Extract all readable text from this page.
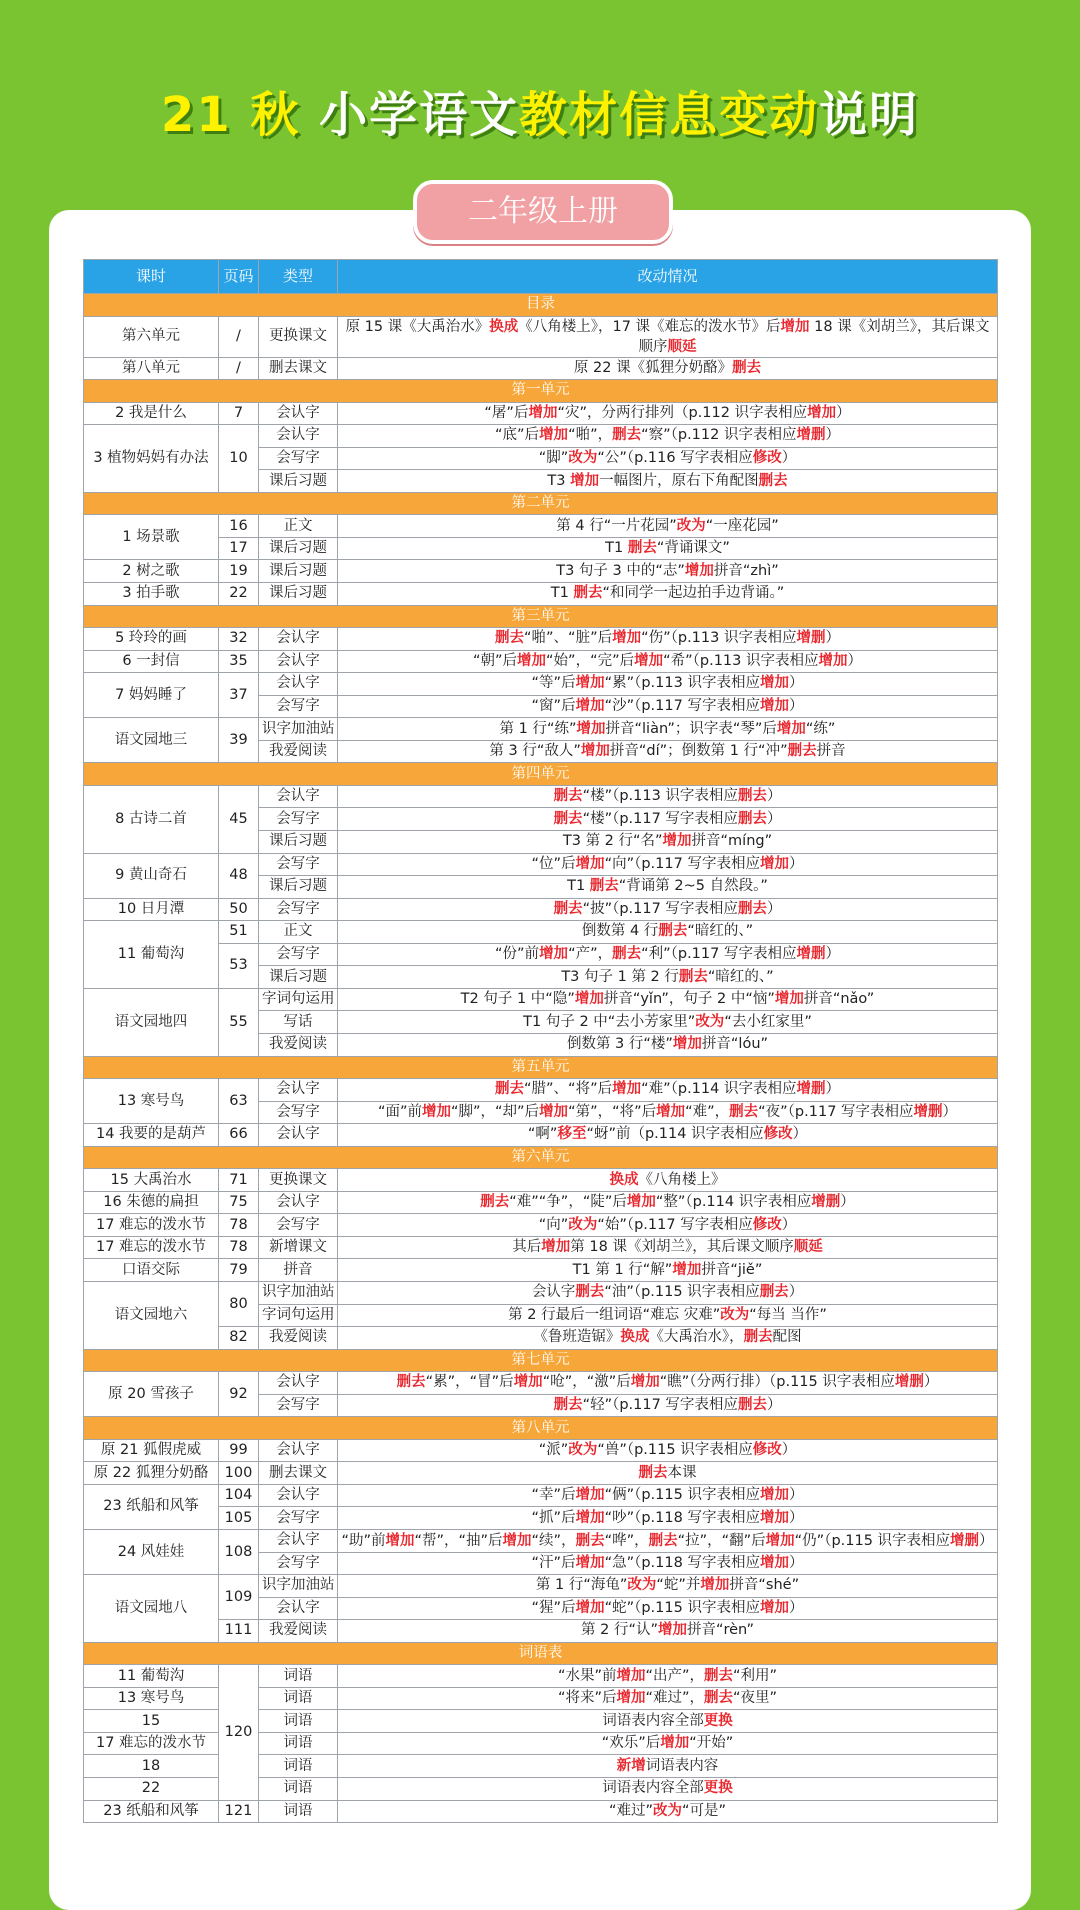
21 秋 小学语文教材信息变动说明
二年级上册
课时	页码	类型	改动情况
目录			
第六单元	/	更换课文	原 15 课《大禹治水》换成《八角楼上》，17 课《难忘的泼水节》后增加 18 课《刘胡兰》，其后课文顺序顺延
第八单元	/	删去课文	原 22 课《狐狸分奶酪》删去
第一单元			
2 我是什么	7	会认字	“屠”后增加“灾”，分两行排列（p.112 识字表相应增加）
3 植物妈妈有办法	10	会认字	“底”后增加“啪”，删去“察”（p.112 识字表相应增删）
		会写字	“脚”改为“公”（p.116 写字表相应修改）
		课后习题	T3 增加一幅图片，原右下角配图删去
第二单元			
1 场景歌	16	正文	第 4 行“一片花园”改为“一座花园”
	17	课后习题	T1 删去“背诵课文”
2 树之歌	19	课后习题	T3 句子 3 中的“志”增加拼音“zhì”
3 拍手歌	22	课后习题	T1 删去“和同学一起边拍手边背诵。”
第三单元			
5 玲玲的画	32	会认字	删去“啪”、“脏”后增加“伤”（p.113 识字表相应增删）
6 一封信	35	会认字	“朝”后增加“始”，“完”后增加“希”（p.113 识字表相应增加）
7 妈妈睡了	37	会认字	“等”后增加“累”（p.113 识字表相应增加）
		会写字	“窗”后增加“沙”（p.117 写字表相应增加）
语文园地三	39	识字加油站	第 1 行“练”增加拼音“liàn”；识字表“琴”后增加“练”
		我爱阅读	第 3 行“敌人”增加拼音“dí”；倒数第 1 行“冲”删去拼音
第四单元			
8 古诗二首	45	会认字	删去“楼”（p.113 识字表相应删去）
		会写字	删去“楼”（p.117 写字表相应删去）
		课后习题	T3 第 2 行“名”增加拼音“míng”
9 黄山奇石	48	会写字	“位”后增加“向”（p.117 写字表相应增加）
		课后习题	T1 删去“背诵第 2~5 自然段。”
10 日月潭	50	会写字	删去“披”（p.117 写字表相应删去）
11 葡萄沟	51	正文	倒数第 4 行删去“暗红的、”
	53	会写字	“份”前增加“产”，删去“利”（p.117 写字表相应增删）
		课后习题	T3 句子 1 第 2 行删去“暗红的、”
语文园地四	55	字词句运用	T2 句子 1 中“隐”增加拼音“yǐn”，句子 2 中“恼”增加拼音“nǎo”
		写话	T1 句子 2 中“去小芳家里”改为“去小红家里”
		我爱阅读	倒数第 3 行“楼”增加拼音“lóu”
第五单元			
13 寒号鸟	63	会认字	删去“腊”、“将”后增加“难”（p.114 识字表相应增删）
		会写字	“面”前增加“脚”，“却”后增加“第”，“将”后增加“难”，删去“夜”（p.117 写字表相应增删）
14 我要的是葫芦	66	会认字	“啊”移至“蚜”前（p.114 识字表相应修改）
第六单元			
15 大禹治水	71	更换课文	换成《八角楼上》
16 朱德的扁担	75	会认字	删去“难”“争”，“陡”后增加“整”（p.114 识字表相应增删）
17 难忘的泼水节	78	会写字	“向”改为“始”（p.117 写字表相应修改）
17 难忘的泼水节	78	新增课文	其后增加第 18 课《刘胡兰》，其后课文顺序顺延
口语交际	79	拼音	T1 第 1 行“解”增加拼音“jiě”
语文园地六	80	识字加油站	会认字删去“油”（p.115 识字表相应删去）
		字词句运用	第 2 行最后一组词语“难忘 灾难”改为“每当 当作”
	82	我爱阅读	《鲁班造锯》换成《大禹治水》，删去配图
第七单元			
原 20 雪孩子	92	会认字	删去“累”，“冒”后增加“呛”，“激”后增加“瞧”（分两行排）（p.115 识字表相应增删）
		会写字	删去“轻”（p.117 写字表相应删去）
第八单元			
原 21 狐假虎威	99	会认字	“派”改为“兽”（p.115 识字表相应修改）
原 22 狐狸分奶酪	100	删去课文	删去本课
23 纸船和风筝	104	会认字	“幸”后增加“俩”（p.115 识字表相应增加）
	105	会写字	“抓”后增加“吵”（p.118 写字表相应增加）
24 风娃娃	108	会认字	“助”前增加“帮”，“抽”后增加“续”，删去“哗”，删去“拉”，“翻”后增加“仍”（p.115 识字表相应增删）
		会写字	“汗”后增加“急”（p.118 写字表相应增加）
语文园地八	109	识字加油站	第 1 行“海龟”改为“蛇”并增加拼音“shé”
		会认字	“猩”后增加“蛇”（p.115 识字表相应增加）
	111	我爱阅读	第 2 行“认”增加拼音“rèn”
词语表			
11 葡萄沟	120	词语	“水果”前增加“出产”，删去“利用”
13 寒号鸟		词语	“将来”后增加“难过”，删去“夜里”
15		词语	词语表内容全部更换
17 难忘的泼水节		词语	“欢乐”后增加“开始”
18		词语	新增词语表内容
22		词语	词语表内容全部更换
23 纸船和风筝	121	词语	“难过”改为“可是”
